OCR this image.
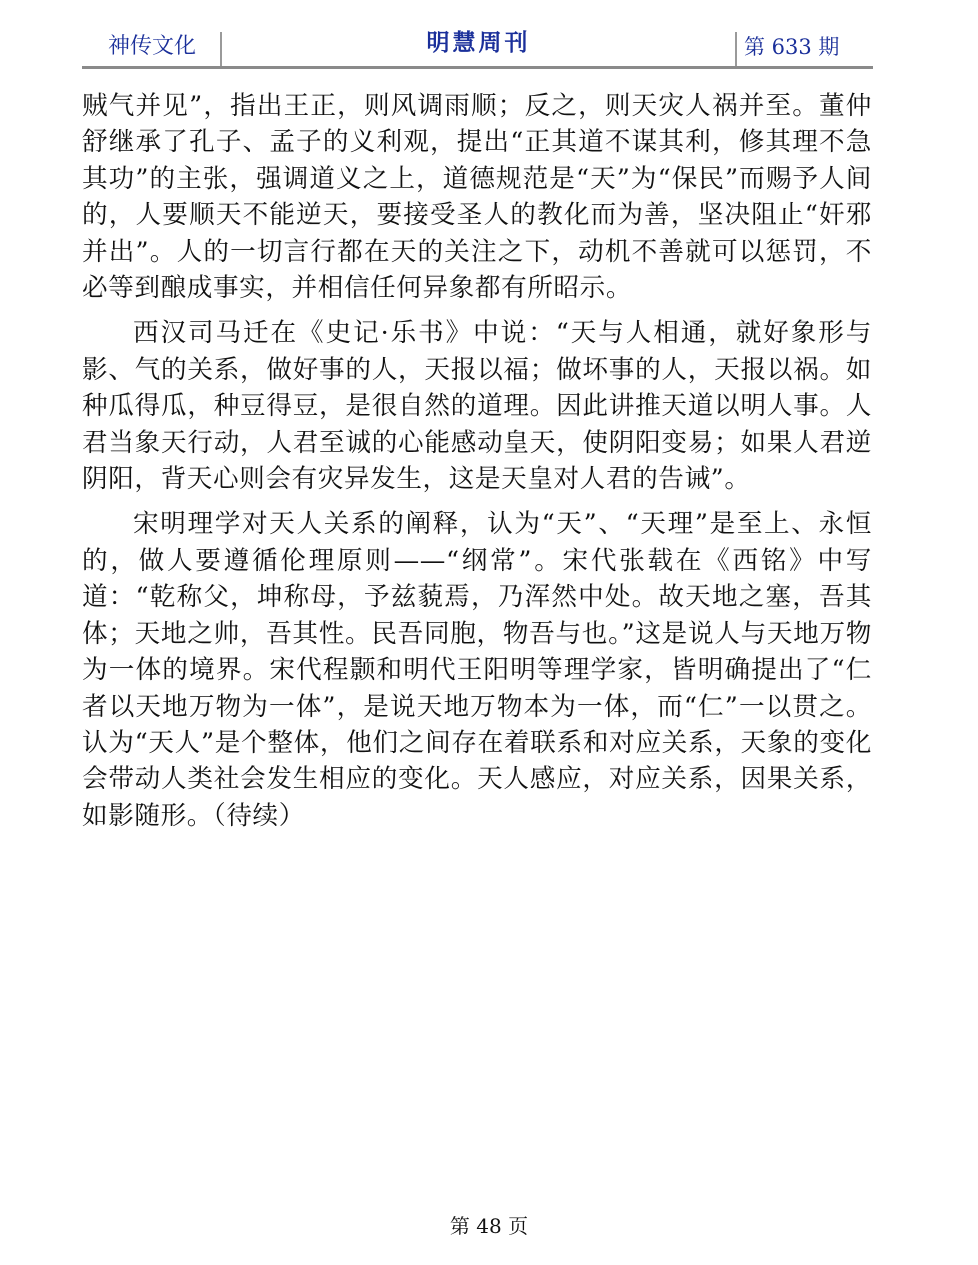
神传文化	明慧周刊	第 633 期

贼气并见”，指出王正，则风调雨顺；反之，则天灾人祸并至。董仲舒继承了孔子、孟子的义利观，提出“正其道不谋其利，修其理不急其功”的主张，强调道义之上，道德规范是“天”为“保民”而赐予人间的，人要顺天不能逆天，要接受圣人的教化而为善，坚决阻止“奸邪并出”。人的一切言行都在天的关注之下，动机不善就可以惩罚，不必等到酿成事实，并相信任何异象都有所昭示。

西汉司马迁在《史记·乐书》中说：“天与人相通，就好象形与影、气的关系，做好事的人，天报以福；做坏事的人，天报以祸。如种瓜得瓜，种豆得豆，是很自然的道理。因此讲推天道以明人事。人君当象天行动，人君至诚的心能感动皇天，使阴阳变易；如果人君逆阴阳，背天心则会有灾异发生，这是天皇对人君的告诫”。

宋明理学对天人关系的阐释，认为“天”、“天理”是至上、永恒的，做人要遵循伦理原则——“纲常”。宋代张载在《西铭》中写道：“乾称父，坤称母，予兹藐焉，乃浑然中处。故天地之塞，吾其体；天地之帅，吾其性。民吾同胞，物吾与也。”这是说人与天地万物为一体的境界。宋代程颢和明代王阳明等理学家，皆明确提出了“仁者以天地万物为一体”，是说天地万物本为一体，而“仁”一以贯之。认为“天人”是个整体，他们之间存在着联系和对应关系，天象的变化会带动人类社会发生相应的变化。天人感应，对应关系，因果关系，如影随形。（待续）

第 48 页
